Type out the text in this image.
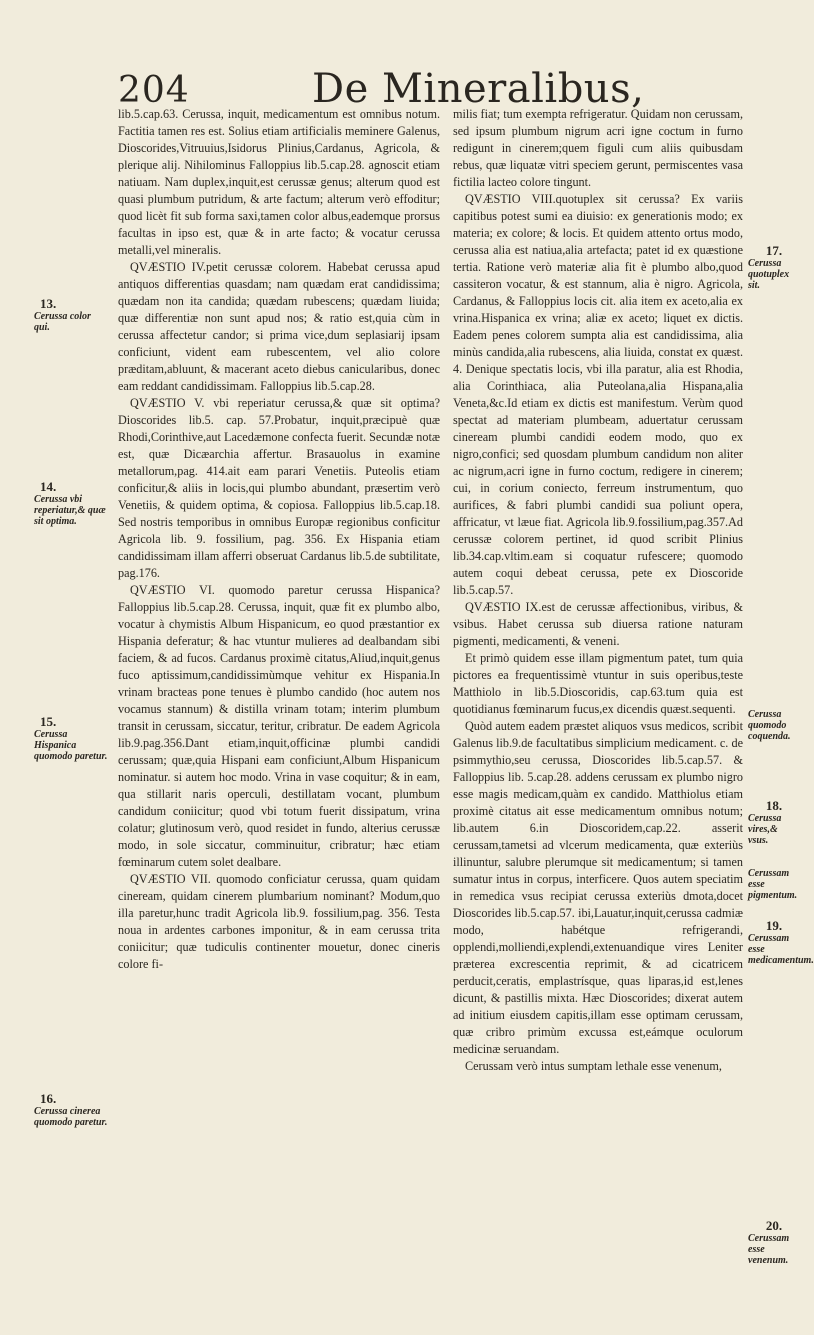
204	De Mineralibus,

lib.5.cap.63. Cerussa, inquit, medicamentum est omnibus notum. Factitia tamen res est. Solius etiam artificialis meminere Galenus, Dioscorides,Vitruuius,Isidorus Plinius,Cardanus, Agricola, & plerique alij. Nihilominus Falloppius lib.5.cap.28. agnoscit etiam natiuam. Nam duplex,inquit,est cerussæ genus; alterum quod est quasi plumbum putridum, & arte factum; alterum verò effoditur; quod licèt fit sub forma saxi,tamen color albus,eademque prorsus facultas in ipso est, quæ & in arte facto; & vocatur cerussa metalli,vel mineralis.

QVÆSTIO IV.petit cerussæ colorem. Habebat cerussa apud antiquos differentias quasdam; nam quædam erat candidissima; quædam non ita candida; quædam rubescens; quædam liuida; quæ differentiæ non sunt apud nos; & ratio est,quia cùm in cerussa affectetur candor; si prima vice,dum seplasiarij ipsam conficiunt, vident eam rubescentem, vel alio colore præditam,abluunt, & macerant aceto diebus canicularibus, donec eam reddant candidissimam. Falloppius lib.5.cap.28.

QVÆSTIO V. vbi reperiatur cerussa,& quæ sit optima? Dioscorides lib.5. cap. 57.Probatur, inquit,præcipuè quæ Rhodi,Corinthive,aut Lacedæmone confecta fuerit. Secundæ notæ est, quæ Dicæarchia affertur. Brasauolus in examine metallorum,pag. 414.ait eam parari Venetiis. Puteolis etiam conficitur,& aliis in locis,qui plumbo abundant, præsertim verò Venetiis, & quidem optima, & copiosa. Falloppius lib.5.cap.18. Sed nostris temporibus in omnibus Europæ regionibus conficitur Agricola lib. 9. fossilium, pag. 356. Ex Hispania etiam candidissimam illam afferri obseruat Cardanus lib.5.de subtilitate, pag.176.

QVÆSTIO VI. quomodo paretur cerussa Hispanica? Falloppius lib.5.cap.28. Cerussa, inquit, quæ fit ex plumbo albo, vocatur à chymistis Album Hispanicum, eo quod præstantior ex Hispania deferatur; & hac vtuntur mulieres ad dealbandam sibi faciem, & ad fucos. Cardanus proximè citatus,Aliud,inquit,genus fuco aptissimum,candidissimùmque vehitur ex Hispania.In vrinam bracteas pone tenues è plumbo candido (hoc autem nos vocamus stannum) & distilla vrinam totam; interim plumbum transit in cerussam, siccatur, teritur, cribratur. De eadem Agricola lib.9.pag.356.Dant etiam,inquit,officinæ plumbi candidi cerussam; quæ,quia Hispani eam conficiunt,Album Hispanicum nominatur. si autem hoc modo. Vrina in vase coquitur; & in eam, qua stillarit naris operculi, destillatam vocant, plumbum candidum coniicitur; quod vbi totum fuerit dissipatum, vrina colatur; glutinosum verò, quod residet in fundo, alterius cerussæ modo, in sole siccatur, comminuitur, cribratur; hæc etiam fœminarum cutem solet dealbare.

QVÆSTIO VII. quomodo conficiatur cerussa, quam quidam cineream, quidam cinerem plumbarium nominant? Modum,quo illa paretur,hunc tradit Agricola lib.9. fossilium,pag. 356. Testa noua in ardentes carbones imponitur, & in eam cerussa trita coniicitur; quæ tudiculis continenter mouetur, donec cineris colore fi-

milis fiat; tum exempta refrigeratur. Quidam non cerussam, sed ipsum plumbum nigrum acri igne coctum in furno redigunt in cinerem;quem figuli cum aliis quibusdam rebus, quæ liquatæ vitri speciem gerunt, permiscentes vasa fictilia lacteo colore tingunt.

QVÆSTIO VIII.quotuplex sit cerussa? Ex variis capitibus potest sumi ea diuisio: ex generationis modo; ex materia; ex colore; & locis. Et quidem attento ortus modo, cerussa alia est natiua,alia artefacta; patet id ex quæstione tertia. Ratione verò materiæ alia fit è plumbo albo,quod cassiteron vocatur, & est stannum, alia è nigro. Agricola, Cardanus, & Falloppius locis cit. alia item ex aceto,alia ex vrina.Hispanica ex vrina; aliæ ex aceto; liquet ex dictis. Eadem penes colorem sumpta alia est candidissima, alia minùs candida,alia rubescens, alia liuida, constat ex quæst. 4. Denique spectatis locis, vbi illa paratur, alia est Rhodia, alia Corinthiaca, alia Puteolana,alia Hispana,alia Veneta,&c.Id etiam ex dictis est manifestum. Verùm quod spectat ad materiam plumbeam, aduertatur cerussam cineream plumbi candidi eodem modo, quo ex nigro,confici; sed quosdam plumbum candidum non aliter ac nigrum,acri igne in furno coctum, redigere in cinerem; cui, in corium coniecto, ferreum instrumentum, quo aurifices, & fabri plumbi candidi sua poliunt opera, affricatur, vt læue fiat. Agricola lib.9.fossilium,pag.357.Ad cerussæ colorem pertinet, id quod scribit Plinius lib.34.cap.vltim.eam si coquatur rufescere; quomodo autem coqui debeat cerussa, pete ex Dioscoride lib.5.cap.57.

QVÆSTIO IX.est de cerussæ affectionibus, viribus, & vsibus. Habet cerussa sub diuersa ratione naturam pigmenti, medicamenti, & veneni.

Et primò quidem esse illam pigmentum patet, tum quia pictores ea frequentissimè vtuntur in suis operibus,teste Matthiolo in lib.5.Dioscoridis, cap.63.tum quia est quotidianus fœminarum fucus,ex dicendis quæst.sequenti.

Quòd autem eadem præstet aliquos vsus medicos, scribit Galenus lib.9.de facultatibus simplicium medicament. c. de psimmythio,seu cerussa, Dioscorides lib.5.cap.57. & Falloppius lib. 5.cap.28. addens cerussam ex plumbo nigro esse magis medicam,quàm ex candido. Matthiolus etiam proximè citatus ait esse medicamentum omnibus notum; lib.autem 6.in Dioscoridem,cap.22. asserit cerussam,tametsi ad vlcerum medicamenta, quæ exteriùs illinuntur, salubre plerumque sit medicamentum; si tamen sumatur intus in corpus, interficere. Quos autem speciatim in remedica vsus recipiat cerussa exteriùs dmota,docet Dioscorides lib.5.cap.57. ibi,Lauatur,inquit,cerussa cadmiæ modo, habétque refrigerandi, opplendi,molliendi,explendi,extenuandique vires Leniter præterea excrescentia reprimit, & ad cicatricem perducit,ceratis, emplastrísque, quas liparas,id est,lenes dicunt, & pastillis mixta. Hæc Dioscorides; dixerat autem ad initium eiusdem capitis,illam esse optimam cerussam, quæ cribro primùm excussa est,eámque oculorum medicinæ seruandam.

Cerussam verò intus sumptam lethale esse venenum,

13.
Cerussa color qui.
14.
Cerussa vbi reperiatur,& quæ sit optima.
15.
Cerussa Hispanica quomodo paretur.
16.
Cerussa cinerea quomodo paretur.
17.
Cerussa quotuplex sit.
Cerussa quomodo coquenda.
18.
Cerussa vires,& vsus.
Cerussam esse pigmentum.
19.
Cerussam esse medicamentum.
20.
Cerussam esse venenum.
